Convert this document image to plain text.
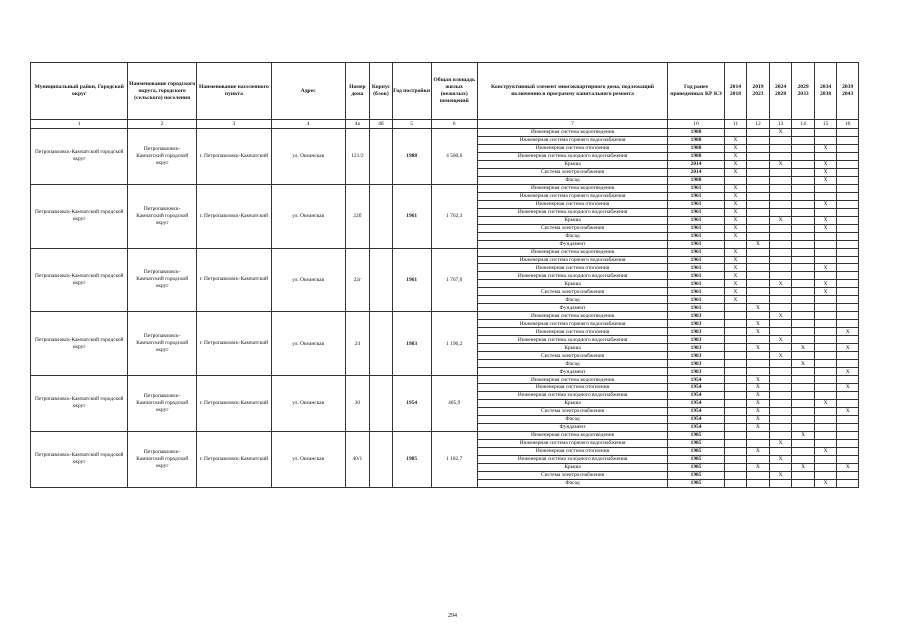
Муниципальный район, Городской округ	Наименование городского округа, городского (сельского) поселения	Наименование населенного пункта	Адрес	Номер дома	Корпус (блок)	Год постройки	Общая площадь жилых (нежилых) помещений	Конструктивный элемент многоквартирного дома, подлежащий включению в программу капитального ремонта	Год ранее проведенных КР КЭ	2014 2018	2019 2023	2024 2028	2029 2033	2034 2038	2039 2043
1	2	3	4	4а	4б	5	6	7	10	11	12	13	14	15	16
Петропавловск-Камчатский городской округ	Петропавловск-Камчатский городской округ	г. Петропавловск-Камчатский	ул. Океанская	121/2		1988	4 560,6	Инженерная система водоотведения	1988			X			
								Инженерная система горячего водоснабжения	1988	X					
								Инженерная система отопления	1988	X				X	
								Инженерная система холодного водоснабжения	1988	X					
								Крыша	2014	X		X		X	
								Система электроснабжения	2014	X				X	
								Фасад	1988					X	
Петропавловск-Камчатский городской округ	Петропавловск-Камчатский городской округ	г. Петропавловск-Камчатский	ул. Океанская	22б		1961	1 762,3	Инженерная система водоотведения	1961	X					
								Инженерная система горячего водоснабжения	1961	X					
								Инженерная система отопления	1961	X				X	
								Инженерная система холодного водоснабжения	1961	X					
								Крыша	1961	X		X		X	
								Система электроснабжения	1961	X				X	
								Фасад	1961	X					
								Фундамент	1961		X				
Петропавловск-Камчатский городской округ	Петропавловск-Камчатский городской округ	г. Петропавловск-Камчатский	ул. Океанская	22г		1961	1 767,0	Инженерная система водоотведения	1961	X					
								Инженерная система горячего водоснабжения	1961	X					
								Инженерная система отопления	1961	X				X	
								Инженерная система холодного водоснабжения	1961	X					
								Крыша	1961	X		X		X	
								Система электроснабжения	1961	X				X	
								Фасад	1961	X					
								Фундамент	1961		X				
Петропавловск-Камчатский городской округ	Петропавловск-Камчатский городской округ	г. Петропавловск-Камчатский	ул. Океанская	24		1983	1 196,2	Инженерная система водоотведения	1983			X			
								Инженерная система горячего водоснабжения	1983		X				
								Инженерная система отопления	1983		X				X
								Инженерная система холодного водоснабжения	1983			X			
								Крыша	1983		X		X		X
								Система электроснабжения	1983			X			
								Фасад	1983				X		
								Фундамент	1983						X
Петропавловск-Камчатский городской округ	Петропавловск-Камчатский городской округ	г. Петропавловск-Камчатский	ул. Океанская	30		1954	405,9	Инженерная система водоотведения	1954		X				
								Инженерная система отопления	1954		X				X
								Инженерная система холодного водоснабжения	1954		X				
								Крыша	1954		X			X	
								Система электроснабжения	1954		X				X
								Фасад	1954		X				
								Фундамент	1954		X				
Петропавловск-Камчатский городской округ	Петропавловск-Камчатский городской округ	г. Петропавловск-Камчатский	ул. Океанская	40/1		1985	1 182,7	Инженерная система водоотведения	1985				X		
								Инженерная система горячего водоснабжения	1985			X			
								Инженерная система отопления	1985		X			X	
								Инженерная система холодного водоснабжения	1985			X			
								Крыша	1985		X		X		X
								Система электроснабжения	1985			X			
								Фасад	1985					X	
294
